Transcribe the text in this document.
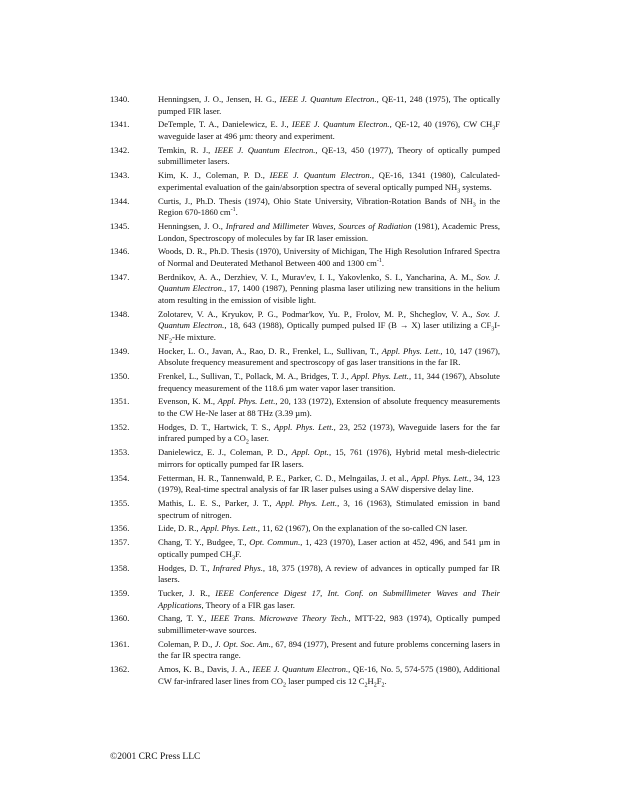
1340.	Henningsen, J. O., Jensen, H. G., IEEE J. Quantum Electron., QE-11, 248 (1975), The optically pumped FIR laser.
1341.	DeTemple, T. A., Danielewicz, E. J., IEEE J. Quantum Electron., QE-12, 40 (1976), CW $CH_3F$ waveguide laser at 496 µm: theory and experiment.
1342.	Temkin, R. J., IEEE J. Quantum Electron., QE-13, 450 (1977), Theory of optically pumped submillimeter lasers.
1343.	Kim, K. J., Coleman, P. D., IEEE J. Quantum Electron., QE-16, 1341 (1980), Calculated-experimental evaluation of the gain/absorption spectra of several optically pumped $NH_3$ systems.
1344.	Curtis, J., Ph.D. Thesis (1974), Ohio State University, Vibration-Rotation Bands of $NH_3$ in the Region 670-1860 $cm^{-1}$.
1345.	Henningsen, J. O., Infrared and Millimeter Waves, Sources of Radiation (1981), Academic Press, London, Spectroscopy of molecules by far IR laser emission.
1346.	Woods, D. R., Ph.D. Thesis (1970), University of Michigan, The High Resolution Infrared Spectra of Normal and Deuterated Methanol Between 400 and 1300 $cm^{-1}$.
1347.	Berdnikov, A. A., Derzhiev, V. I., Murav'ev, I. I., Yakovlenko, S. I., Yancharina, A. M., Sov. J. Quantum Electron., 17, 1400 (1987), Penning plasma laser utilizing new transitions in the helium atom resulting in the emission of visible light.
1348.	Zolotarev, V. A., Kryukov, P. G., Podmar'kov, Yu. P., Frolov, M. P., Shcheglov, V. A., Sov. J. Quantum Electron., 18, 643 (1988), Optically pumped pulsed IF (B → X) laser utilizing a $CF_3I-NF_2-He$ mixture.
1349.	Hocker, L. O., Javan, A., Rao, D. R., Frenkel, L., Sullivan, T., Appl. Phys. Lett., 10, 147 (1967), Absolute frequency measurement and spectroscopy of gas laser transitions in the far IR.
1350.	Frenkel, L., Sullivan, T., Pollack, M. A., Bridges, T. J., Appl. Phys. Lett., 11, 344 (1967), Absolute frequency measurement of the 118.6 µm water vapor laser transition.
1351.	Evenson, K. M., Appl. Phys. Lett., 20, 133 (1972), Extension of absolute frequency measurements to the CW He-Ne laser at 88 THz (3.39 µm).
1352.	Hodges, D. T., Hartwick, T. S., Appl. Phys. Lett., 23, 252 (1973), Waveguide lasers for the far infrared pumped by a $CO_2$ laser.
1353.	Danielewicz, E. J., Coleman, P. D., Appl. Opt., 15, 761 (1976), Hybrid metal mesh-dielectric mirrors for optically pumped far IR lasers.
1354.	Fetterman, H. R., Tannenwald, P. E., Parker, C. D., Melngailas, J. et al., Appl. Phys. Lett., 34, 123 (1979), Real-time spectral analysis of far IR laser pulses using a SAW dispersive delay line.
1355.	Mathis, L. E. S., Parker, J. T., Appl. Phys. Lett., 3, 16 (1963), Stimulated emission in band spectrum of nitrogen.
1356.	Lide, D. R., Appl. Phys. Lett., 11, 62 (1967), On the explanation of the so-called CN laser.
1357.	Chang, T. Y., Budgee, T., Opt. Commun., 1, 423 (1970), Laser action at 452, 496, and 541 µm in optically pumped $CH_3F$.
1358.	Hodges, D. T., Infrared Phys., 18, 375 (1978), A review of advances in optically pumped far IR lasers.
1359.	Tucker, J. R., IEEE Conference Digest 17, Int. Conf. on Submillimeter Waves and Their Applications, Theory of a FIR gas laser.
1360.	Chang, T. Y., IEEE Trans. Microwave Theory Tech., MTT-22, 983 (1974), Optically pumped submillimeter-wave sources.
1361.	Coleman, P. D., J. Opt. Soc. Am., 67, 894 (1977), Present and future problems concerning lasers in the far IR spectra range.
1362.	Amos, K. B., Davis, J. A., IEEE J. Quantum Electron., QE-16, No. 5, 574-575 (1980), Additional CW far-infrared laser lines from $CO_2$ laser pumped cis 12 $C_2H_2F_2$.
©2001 CRC Press LLC
